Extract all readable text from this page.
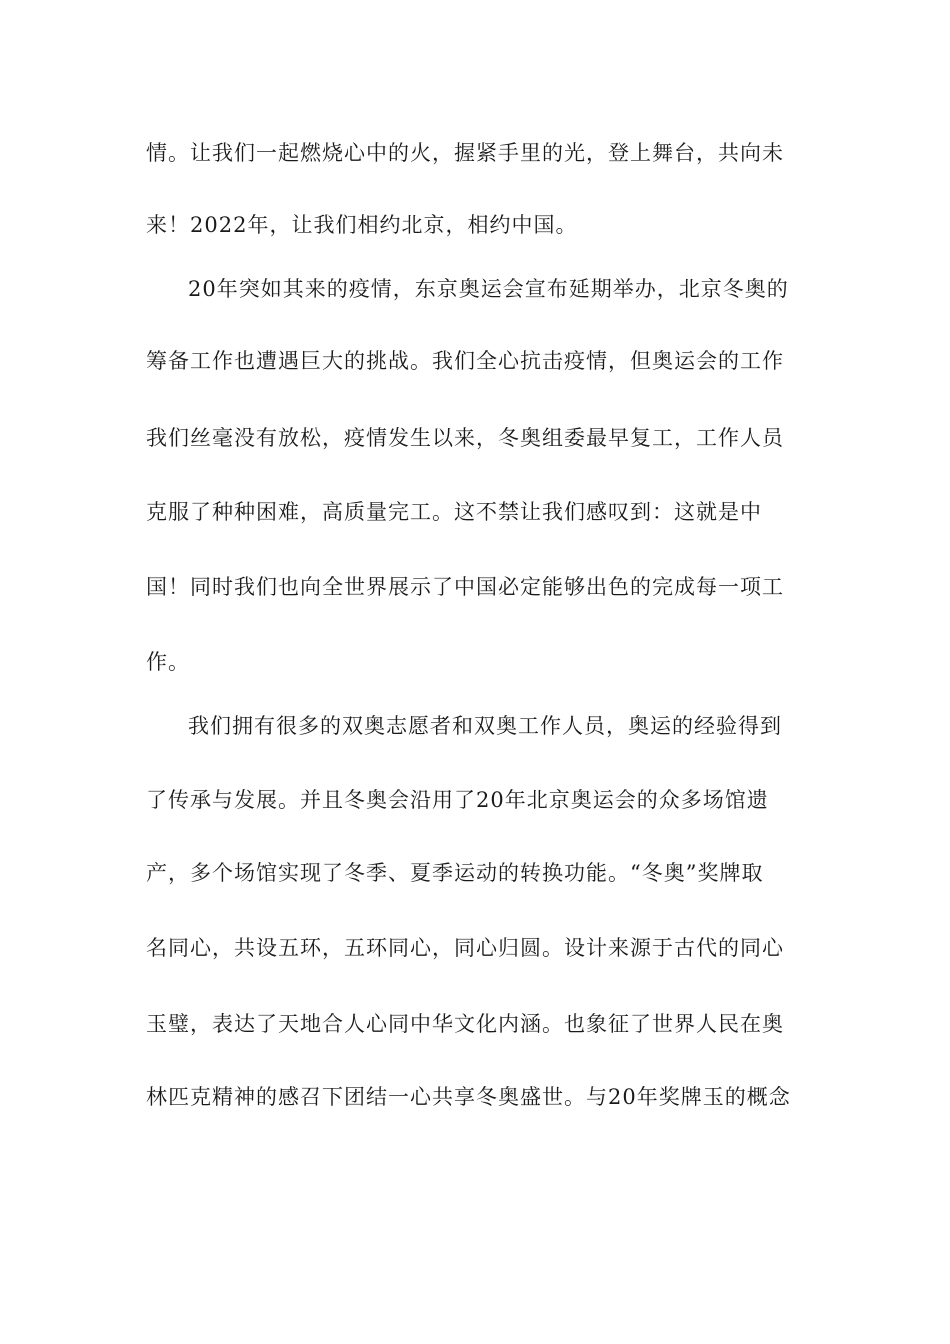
情。让我们一起燃烧心中的火，握紧手里的光，登上舞台，共向未
来！2022年，让我们相约北京，相约中国。
20年突如其来的疫情，东京奥运会宣布延期举办，北京冬奥的
筹备工作也遭遇巨大的挑战。我们全心抗击疫情，但奥运会的工作
我们丝毫没有放松，疫情发生以来，冬奥组委最早复工，工作人员
克服了种种困难，高质量完工。这不禁让我们感叹到：这就是中
国！同时我们也向全世界展示了中国必定能够出色的完成每一项工
作。
我们拥有很多的双奥志愿者和双奥工作人员，奥运的经验得到
了传承与发展。并且冬奥会沿用了20年北京奥运会的众多场馆遗
产，多个场馆实现了冬季、夏季运动的转换功能。“冬奥”奖牌取
名同心，共设五环，五环同心，同心归圆。设计来源于古代的同心
玉璧，表达了天地合人心同中华文化内涵。也象征了世界人民在奥
林匹克精神的感召下团结一心共享冬奥盛世。与20年奖牌玉的概念
